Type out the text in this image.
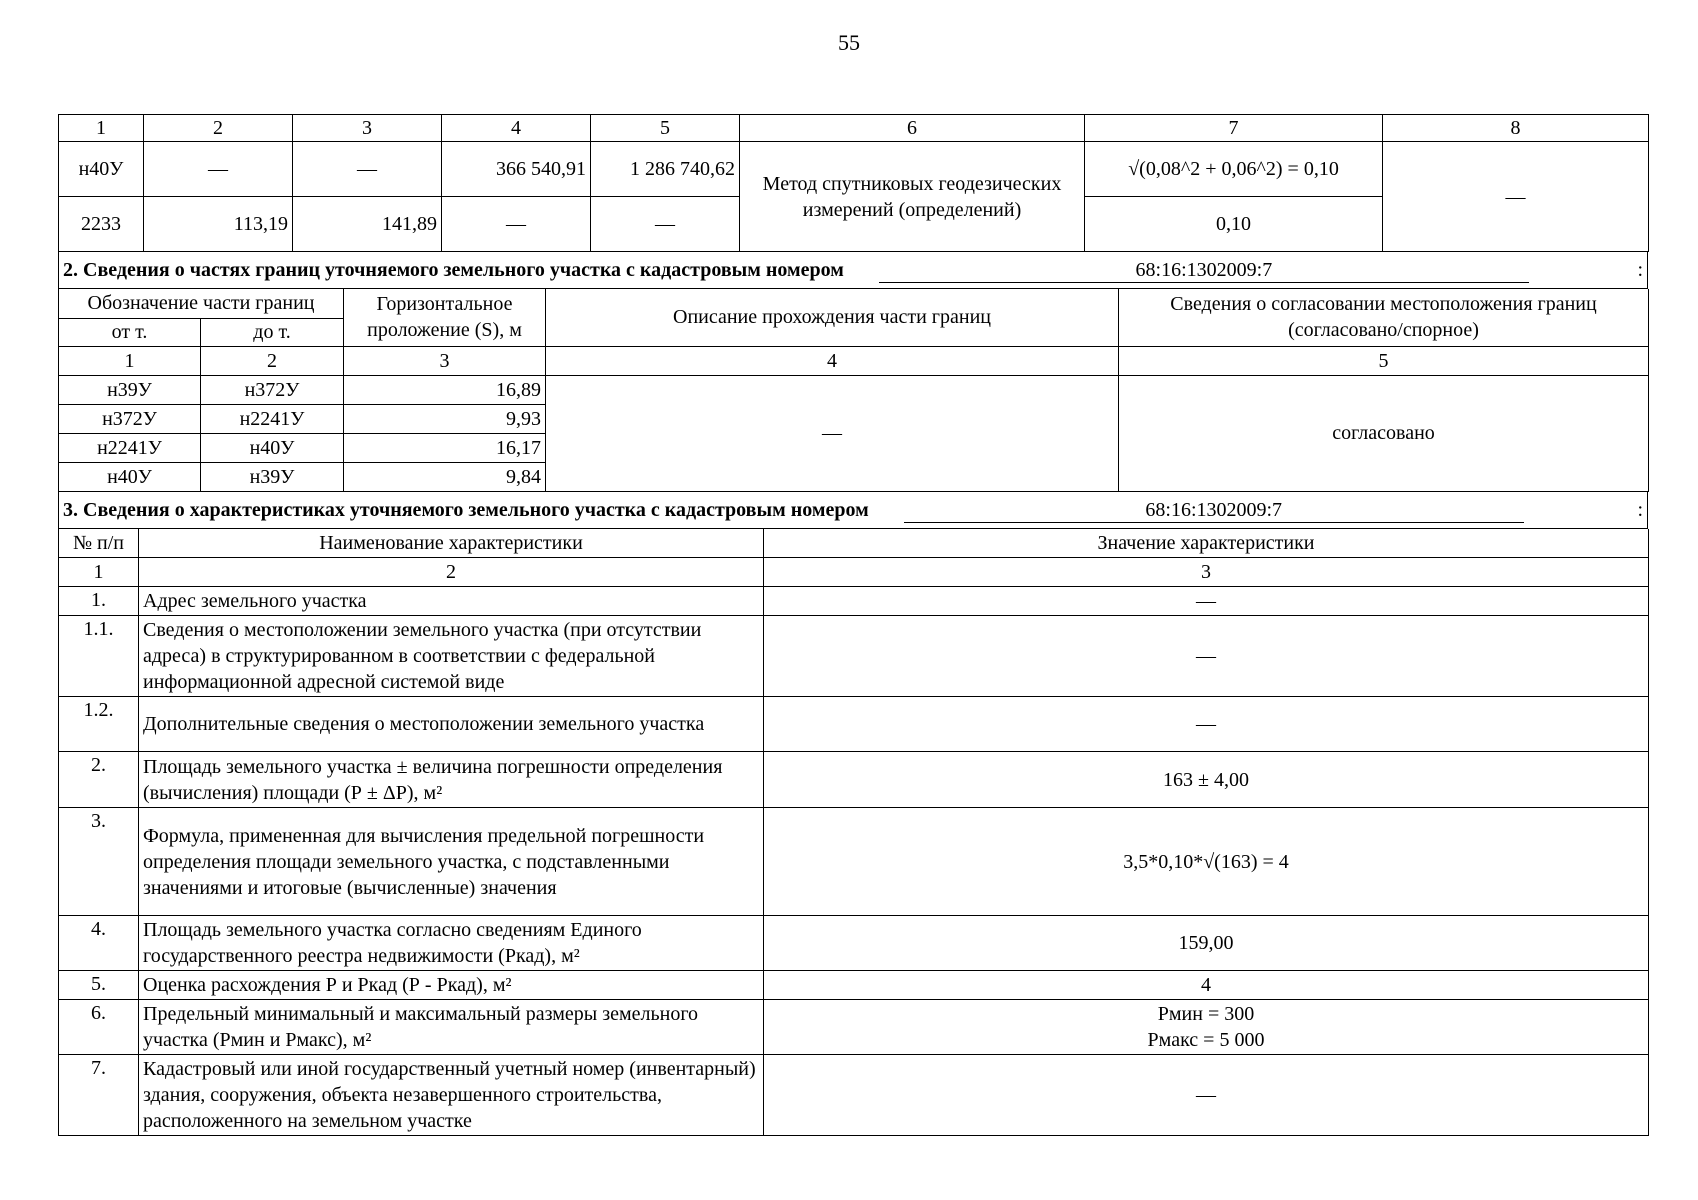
55
1	2	3	4	5	6	7	8
н40У	—	—	366 540,91	1 286 740,62	Метод спутниковых геодезических измерений (определений)	√(0,08^2 + 0,06^2) = 0,10	—
2233	113,19	141,89	—	—		0,10	
2. Сведения о частях границ уточняемого земельного участка с кадастровым номером	68:16:1302009:7	:
Обозначение части границ		Горизонтальное проложение (S), м	Описание прохождения части границ	Сведения о согласовании местоположения границ (согласовано/спорное)
от т.	до т.			
1	2	3	4	5
н39У	н372У	16,89	—	согласовано
н372У	н2241У	9,93		
н2241У	н40У	16,17		
н40У	н39У	9,84		
3. Сведения о характеристиках уточняемого земельного участка с кадастровым номером	68:16:1302009:7	:
№ п/п	Наименование характеристики	Значение характеристики
1	2	3
1.	Адрес земельного участка	—
1.1.	Сведения о местоположении земельного участка (при отсутствии адреса) в структурированном в соответствии с федеральной информационной адресной системой виде	—
1.2.	Дополнительные сведения о местоположении земельного участка	—
2.	Площадь земельного участка ± величина погрешности определения (вычисления) площади (Р ± ΔР), м²	163 ± 4,00
3.	Формула, примененная для вычисления предельной погрешности определения площади земельного участка, с подставленными значениями и итоговые (вычисленные) значения	3,5*0,10*√(163) = 4
4.	Площадь земельного участка согласно сведениям Единого государственного реестра недвижимости (Ркад), м²	159,00
5.	Оценка расхождения Р и Ркад (Р - Ркад), м²	4
6.	Предельный минимальный и максимальный размеры земельного участка (Рмин и Рмакс), м²	Рмин = 300
Рмакс = 5 000

7.	Кадастровый или иной государственный учетный номер (инвентарный) здания, сооружения, объекта незавершенного строительства, расположенного на земельном участке	—
